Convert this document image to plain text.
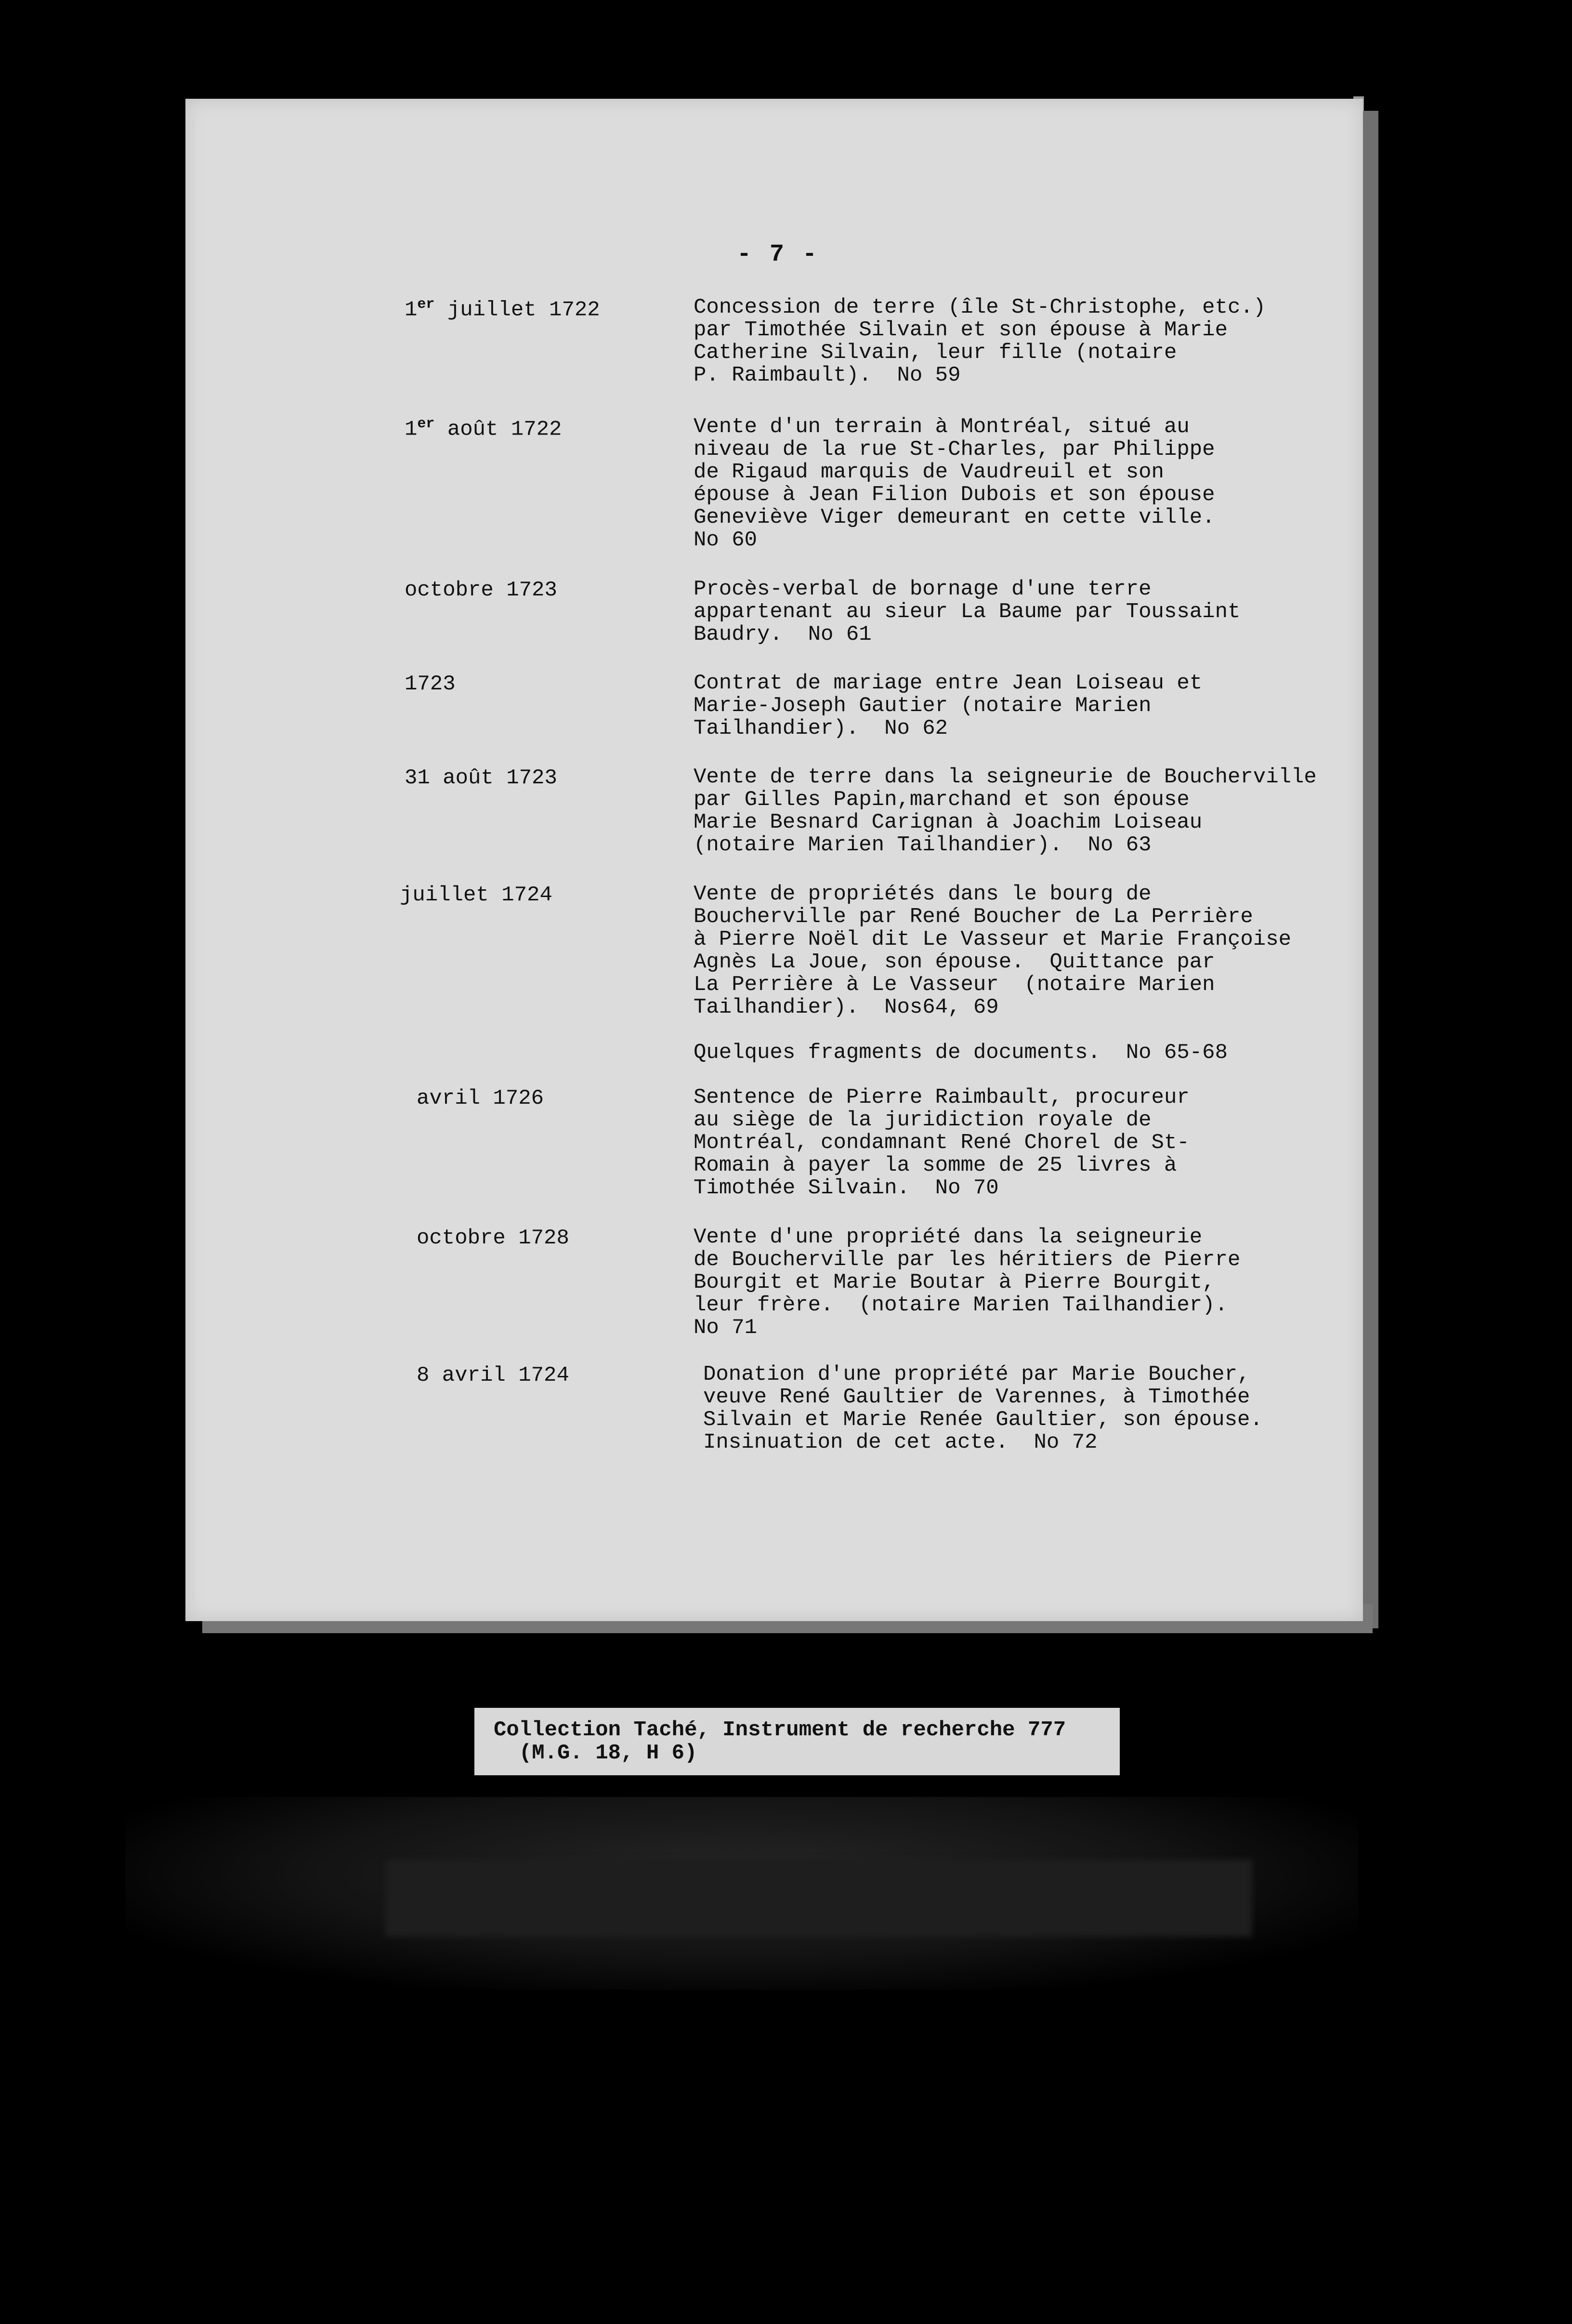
- 7 -
1er juillet 1722	Concession de terre (île St-Christophe, etc.)
par Timothée Silvain et son épouse à Marie
Catherine Silvain, leur fille (notaire
P. Raimbault).  No 59
1er août 1722	Vente d'un terrain à Montréal, situé au
niveau de la rue St-Charles, par Philippe
de Rigaud marquis de Vaudreuil et son
épouse à Jean Filion Dubois et son épouse
Geneviève Viger demeurant en cette ville.
No 60
octobre 1723	Procès-verbal de bornage d'une terre
appartenant au sieur La Baume par Toussaint
Baudry.  No 61
1723	Contrat de mariage entre Jean Loiseau et
Marie-Joseph Gautier (notaire Marien
Tailhandier).  No 62
31 août 1723	Vente de terre dans la seigneurie de Boucherville
par Gilles Papin,marchand et son épouse
Marie Besnard Carignan à Joachim Loiseau
(notaire Marien Tailhandier).  No 63
juillet 1724	Vente de propriétés dans le bourg de
Boucherville par René Boucher de La Perrière
à Pierre Noël dit Le Vasseur et Marie Françoise
Agnès La Joue, son épouse.  Quittance par
La Perrière à Le Vasseur  (notaire Marien
Tailhandier).  Nos64, 69
Quelques fragments de documents.  No 65-68
avril 1726	Sentence de Pierre Raimbault, procureur
au siège de la juridiction royale de
Montréal, condamnant René Chorel de St-
Romain à payer la somme de 25 livres à
Timothée Silvain.  No 70
octobre 1728	Vente d'une propriété dans la seigneurie
de Boucherville par les héritiers de Pierre
Bourgit et Marie Boutar à Pierre Bourgit,
leur frère.  (notaire Marien Tailhandier).
No 71
8 avril 1724	Donation d'une propriété par Marie Boucher,
veuve René Gaultier de Varennes, à Timothée
Silvain et Marie Renée Gaultier, son épouse.
Insinuation de cet acte.  No 72
Collection Taché, Instrument de recherche 777
(M.G. 18, H 6)
